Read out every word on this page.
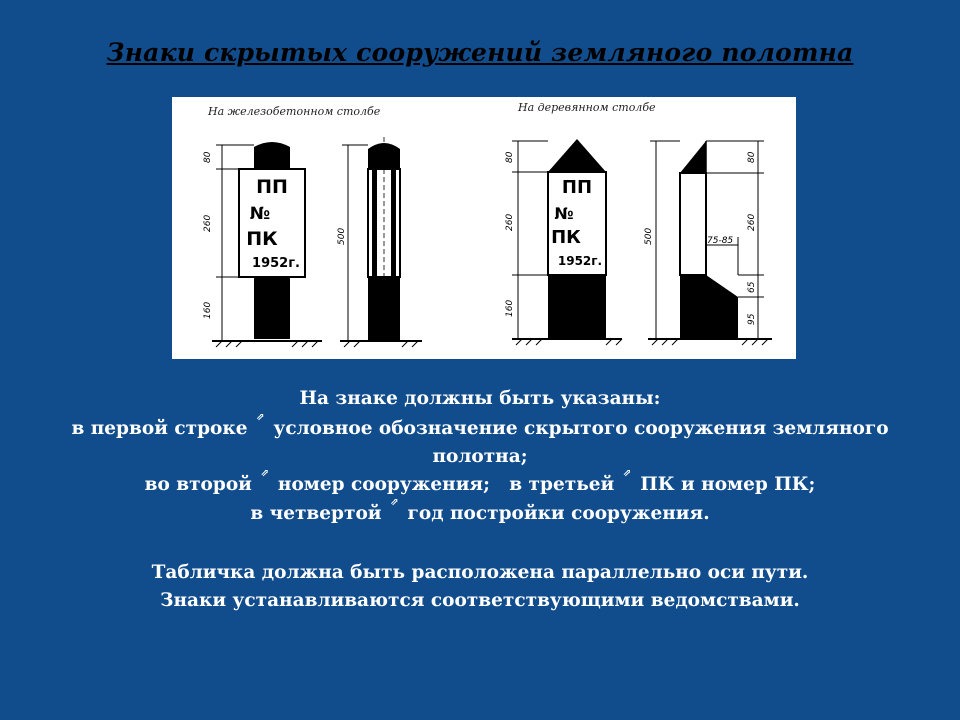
Знаки скрытых сооружений земляного полотна
На железобетонном столбе	На деревянном столбе
ПП
№
ПК
1952г.
80
260
160
500
ПП
№
ПК
1952г.
80
260
160
500
80
260
65
95
75-85
На знаке должны быть указаны:
в первой строке⇗условное обозначение скрытого сооружения земляного
полотна;
во второй⇗номер сооружения; в третьей⇗ПК и номер ПК;
в четвертой⇗год постройки сооружения.
Табличка должна быть расположена параллельно оси пути.
Знаки устанавливаются соответствующими ведомствами.
